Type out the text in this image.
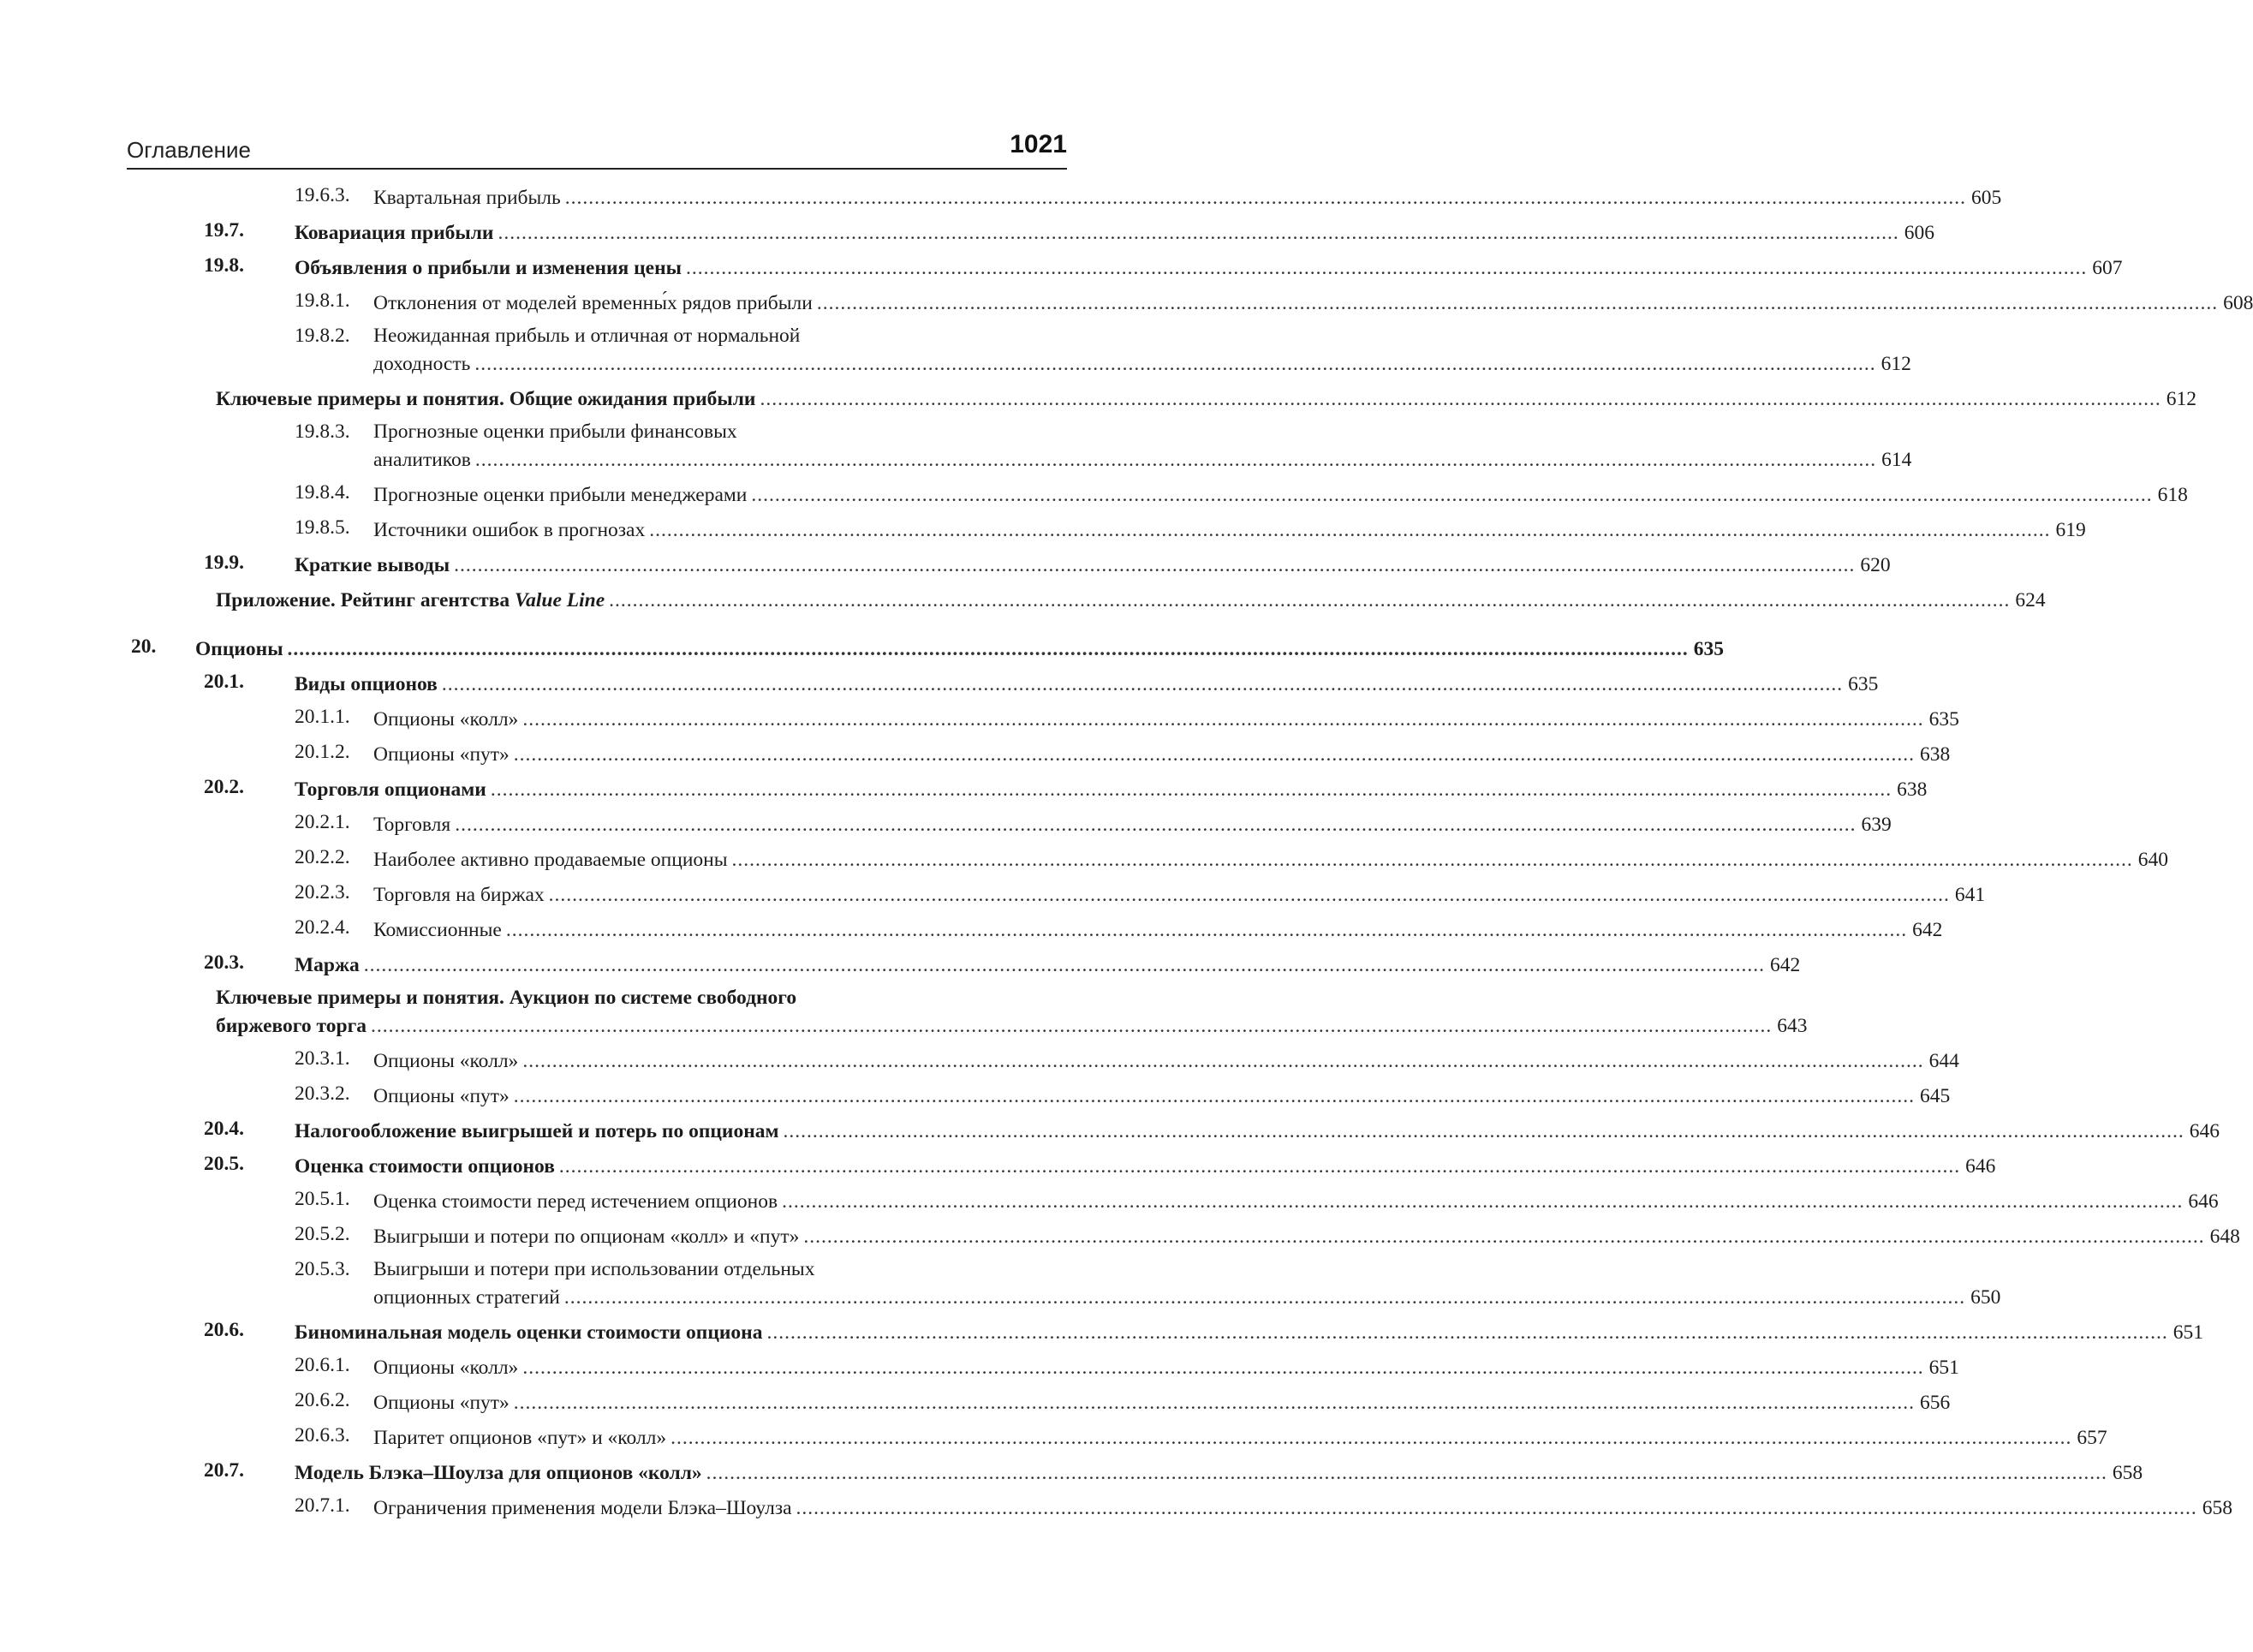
Оглавление	1021
19.6.3. Квартальная прибыль .............................................................................................................................................................................................................................................. 605
19.7.	Ковариация прибыли .............................................................................................................................................................................................................................................. 606
19.8.	Объявления о прибыли и изменения цены .............................................................................................................................................................................................................................................. 607
19.8.1. Отклонения от моделей временны́х рядов прибыли .............................................................................................................................................................................................................................................. 608
19.8.2. Неожиданная прибыль и отличная от нормальной
доходность .............................................................................................................................................................................................................................................. 612
Ключевые примеры и понятия. Общие ожидания прибыли .............................................................................................................................................................................................................................................. 612
19.8.3. Прогнозные оценки прибыли финансовых
аналитиков .............................................................................................................................................................................................................................................. 614
19.8.4. Прогнозные оценки прибыли менеджерами .............................................................................................................................................................................................................................................. 618
19.8.5. Источники ошибок в прогнозах .............................................................................................................................................................................................................................................. 619
19.9.	Краткие выводы .............................................................................................................................................................................................................................................. 620
Приложение. Рейтинг агентства Value Line .............................................................................................................................................................................................................................................. 624
20. Опционы .............................................................................................................................................................................................................................................. 635
20.1.	Виды опционов .............................................................................................................................................................................................................................................. 635
20.1.1. Опционы «колл» .............................................................................................................................................................................................................................................. 635
20.1.2. Опционы «пут» .............................................................................................................................................................................................................................................. 638
20.2.	Торговля опционами .............................................................................................................................................................................................................................................. 638
20.2.1. Торговля .............................................................................................................................................................................................................................................. 639
20.2.2. Наиболее активно продаваемые опционы .............................................................................................................................................................................................................................................. 640
20.2.3. Торговля на биржах .............................................................................................................................................................................................................................................. 641
20.2.4. Комиссионные .............................................................................................................................................................................................................................................. 642
20.3.	Маржа .............................................................................................................................................................................................................................................. 642
Ключевые примеры и понятия. Аукцион по системе свободного
биржевого торга .............................................................................................................................................................................................................................................. 643
20.3.1. Опционы «колл» .............................................................................................................................................................................................................................................. 644
20.3.2. Опционы «пут» .............................................................................................................................................................................................................................................. 645
20.4.	Налогообложение выигрышей и потерь по опционам .............................................................................................................................................................................................................................................. 646
20.5.	Оценка стоимости опционов .............................................................................................................................................................................................................................................. 646
20.5.1. Оценка стоимости перед истечением опционов .............................................................................................................................................................................................................................................. 646
20.5.2. Выигрыши и потери по опционам «колл» и «пут» .............................................................................................................................................................................................................................................. 648
20.5.3. Выигрыши и потери при использовании отдельных
опционных стратегий .............................................................................................................................................................................................................................................. 650
20.6.	Биноминальная модель оценки стоимости опциона .............................................................................................................................................................................................................................................. 651
20.6.1. Опционы «колл» .............................................................................................................................................................................................................................................. 651
20.6.2. Опционы «пут» .............................................................................................................................................................................................................................................. 656
20.6.3. Паритет опционов «пут» и «колл» .............................................................................................................................................................................................................................................. 657
20.7.	Модель Блэка–Шоулза для опционов «колл» .............................................................................................................................................................................................................................................. 658
20.7.1. Ограничения применения модели Блэка–Шоулза .............................................................................................................................................................................................................................................. 658
